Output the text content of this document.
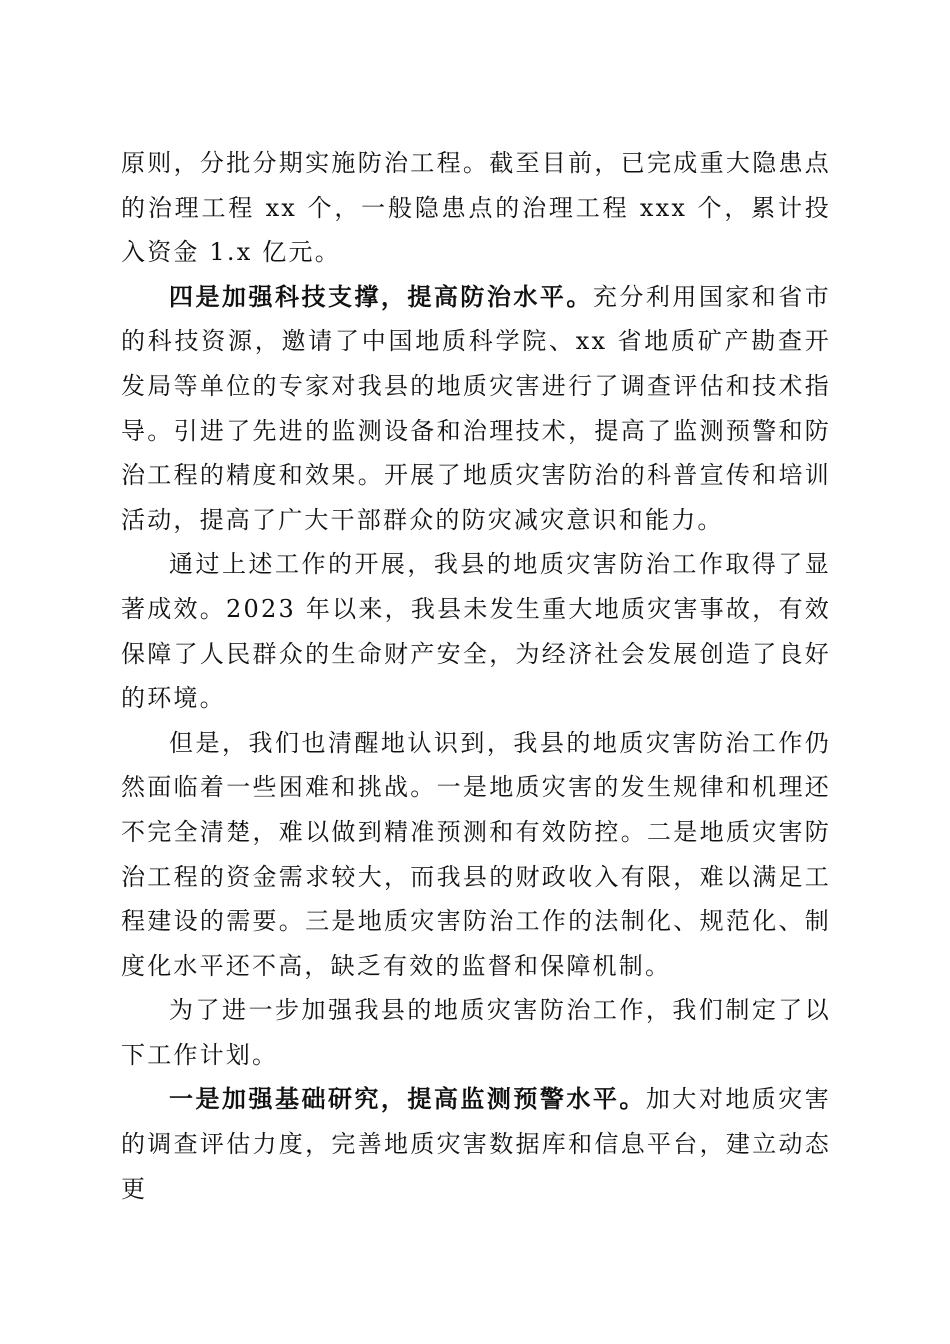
原则，分批分期实施防治工程。截至目前，已完成重大隐患点的治理工程 xx 个，一般隐患点的治理工程 xxx 个，累计投入资金 1.x 亿元。

四是加强科技支撑，提高防治水平。充分利用国家和省市的科技资源，邀请了中国地质科学院、xx 省地质矿产勘查开发局等单位的专家对我县的地质灾害进行了调查评估和技术指导。引进了先进的监测设备和治理技术，提高了监测预警和防治工程的精度和效果。开展了地质灾害防治的科普宣传和培训活动，提高了广大干部群众的防灾减灾意识和能力。

通过上述工作的开展，我县的地质灾害防治工作取得了显著成效。2023 年以来，我县未发生重大地质灾害事故，有效保障了人民群众的生命财产安全，为经济社会发展创造了良好的环境。

但是，我们也清醒地认识到，我县的地质灾害防治工作仍然面临着一些困难和挑战。一是地质灾害的发生规律和机理还不完全清楚，难以做到精准预测和有效防控。二是地质灾害防治工程的资金需求较大，而我县的财政收入有限，难以满足工程建设的需要。三是地质灾害防治工作的法制化、规范化、制度化水平还不高，缺乏有效的监督和保障机制。

为了进一步加强我县的地质灾害防治工作，我们制定了以下工作计划。

一是加强基础研究，提高监测预警水平。加大对地质灾害的调查评估力度，完善地质灾害数据库和信息平台，建立动态更
